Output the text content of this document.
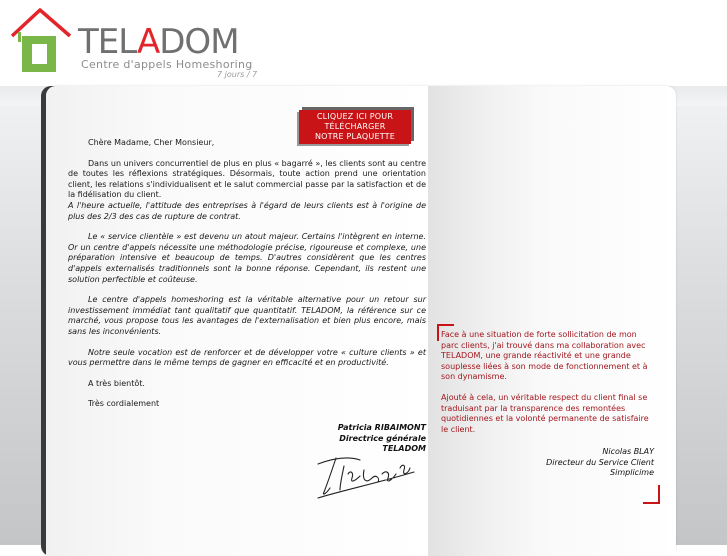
TELADOM
Centre d'appels Homeshoring
7 jours / 7
CLIQUEZ ICI POUR
TÉLÉCHARGER
NOTRE PLAQUETTE

Chère Madame, Cher Monsieur,

Dans un univers concurrentiel de plus en plus « bagarré », les clients sont au centre de toutes les réflexions stratégiques. Désormais, toute action prend une orientation client, les relations s'individualisent et le salut commercial passe par la satisfaction et de la fidélisation du client.

A l'heure actuelle, l'attitude des entreprises à l'égard de leurs clients est à l'origine de plus des 2/3 des cas de rupture de contrat.

Le « service clientèle » est devenu un atout majeur. Certains l'intègrent en interne. Or un centre d'appels nécessite une méthodologie précise, rigoureuse et complexe, une préparation intensive et beaucoup de temps. D'autres considèrent que les centres d'appels externalisés traditionnels sont la bonne réponse. Cependant, ils restent une solution perfectible et coûteuse.

Le centre d'appels homeshoring est la véritable alternative pour un retour sur investissement immédiat tant qualitatif que quantitatif. TELADOM, la référence sur ce marché, vous propose tous les avantages de l'externalisation et bien plus encore, mais sans les inconvénients.

Notre seule vocation est de renforcer et de développer votre « culture clients » et vous permettre dans le même temps de gagner en efficacité et en productivité.

A très bientôt.

Très cordialement

Patricia RIBAIMONT
Directrice générale
TELADOM

Face à une situation de forte sollicitation de mon parc clients, j'ai trouvé dans ma collaboration avec TELADOM, une grande réactivité et une grande souplesse liées à son mode de fonctionnement et à son dynamisme.

Ajouté à cela, un véritable respect du client final se traduisant par la transparence des remontées quotidiennes et la volonté permanente de satisfaire le client.

Nicolas BLAY
Directeur du Service Client
Simplicime
